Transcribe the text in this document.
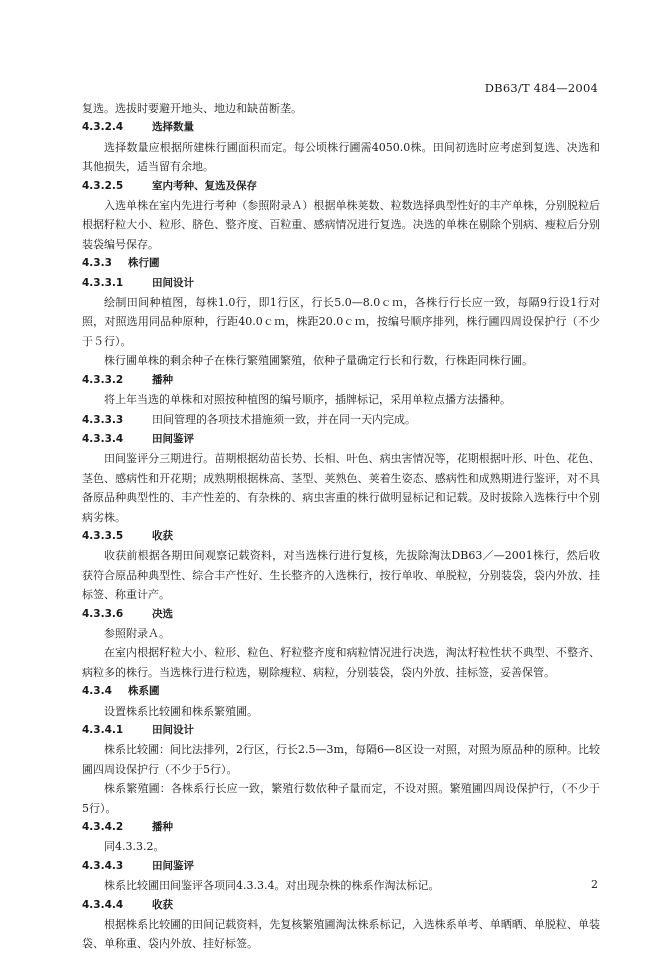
DB63/T 484—2004

复选。选拔时要避开地头、地边和缺苗断垄。

4.3.2.4	选择数量

选择数量应根据所建株行圃面积而定。每公顷株行圃需4050.0株。田间初选时应考虑到复选、决选和其他损失，适当留有余地。

4.3.2.5	室内考种、复选及保存

入选单株在室内先进行考种（参照附录Ａ）根据单株荚数、粒数选择典型性好的丰产单株，分别脱粒后根据籽粒大小、粒形、脐色、整齐度、百粒重、感病情况进行复选。决选的单株在剔除个别病、瘦粒后分别装袋编号保存。

4.3.3 株行圃
4.3.3.1	田间设计

绘制田间种植图，每株1.0行，即1行区，行长5.0—8.0ｃｍ，各株行行长应一致，每隔9行设1行对照，对照选用同品种原种，行距40.0ｃｍ，株距20.0ｃｍ，按编号顺序排列，株行圃四周设保护行（不少于５行）。

株行圃单株的剩余种子在株行繁殖圃繁殖，依种子量确定行长和行数，行株距同株行圃。

4.3.3.2	播种

将上年当选的单株和对照按种植图的编号顺序，插牌标记，采用单粒点播方法播种。

4.3.3.3	田间管理的各项技术措施须一致，并在同一天内完成。
4.3.3.4	田间鉴评

田间鉴评分三期进行。苗期根据幼苗长势、长相、叶色、病虫害情况等，花期根据叶形、叶色、花色、茎色、感病性和开花期；成熟期根据株高、茎型、荚熟色、荚着生姿态、感病性和成熟期进行鉴评，对不具备原品种典型性的、丰产性差的、有杂株的、病虫害重的株行做明显标记和记载。及时拔除入选株行中个别病劣株。

4.3.3.5	收获

收获前根据各期田间观察记载资料，对当选株行进行复核，先拔除淘汰DB63／—2001株行，然后收获符合原品种典型性、综合丰产性好、生长整齐的入选株行，按行单收、单脱粒，分别装袋，袋内外放、挂标签、称重计产。

4.3.3.6	决选

参照附录Ａ。

在室内根据籽粒大小、粒形、粒色、籽粒整齐度和病粒情况进行决选，淘汰籽粒性状不典型、不整齐、病粒多的株行。当选株行进行粒选，剔除瘦粒、病粒，分别装袋，袋内外放、挂标签，妥善保管。

4.3.4 株系圃

设置株系比较圃和株系繁殖圃。

4.3.4.1	田间设计

株系比较圃：间比法排列，2行区，行长2.5—3m，每隔6—8区设一对照，对照为原品种的原种。比较圃四周设保护行（不少于5行）。

株系繁殖圃：各株系行长应一致，繁殖行数依种子量而定，不设对照。繁殖圃四周设保护行，（不少于5行）。

4.3.4.2	播种

同4.3.3.2。

4.3.4.3	田间鉴评

株系比较圃田间鉴评各项同4.3.3.4。对出现杂株的株系作淘汰标记。

4.3.4.4	收获

根据株系比较圃的田间记载资料，先复核繁殖圃淘汰株系标记，入选株系单考、单晒晒、单脱粒、单装袋、单称重、袋内外放、挂好标签。

2
